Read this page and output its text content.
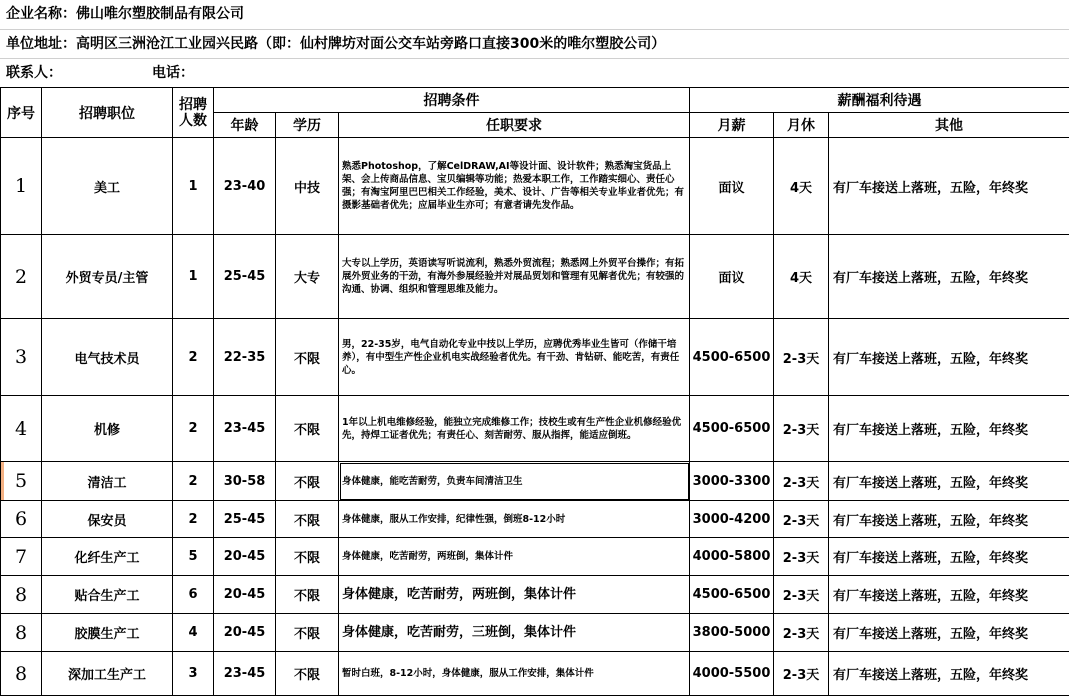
企业名称：佛山唯尔塑胶制品有限公司
单位地址：高明区三洲沧江工业园兴民路（即：仙村牌坊对面公交车站旁路口直接300米的唯尔塑胶公司）
联系人：	电话：
序号	招聘职位	招聘人数	招聘条件			薪酬福利待遇		
			年龄	学历	任职要求	月薪	月休	其他
1	美工	1	23-40	中技	熟悉Photoshop，了解CelDRAW,AI等设计面、设计软件；熟悉淘宝货品上架、会上传商品信息、宝贝编辑等功能；热爱本职工作，工作踏实细心、责任心强；有淘宝阿里巴巴相关工作经验，美术、设计、广告等相关专业毕业者优先；有摄影基础者优先；应届毕业生亦可；有意者请先发作品。	面议	4天	有厂车接送上落班，五险，年终奖
2	外贸专员/主管	1	25-45	大专	大专以上学历，英语读写听说流利，熟悉外贸流程；熟悉网上外贸平台操作；有拓展外贸业务的干劲，有海外参展经验并对展品贸划和管理有见解者优先；有较强的沟通、协调、组织和管理思维及能力。	面议	4天	有厂车接送上落班，五险，年终奖
3	电气技术员	2	22-35	不限	男，22-35岁，电气自动化专业中技以上学历，应聘优秀毕业生皆可（作储干培养），有中型生产性企业机电实战经验者优先。有干劲、肯钻研、能吃苦，有责任心。	4500-6500	2-3天	有厂车接送上落班，五险，年终奖
4	机修	2	23-45	不限	1年以上机电维修经验，能独立完成维修工作；技校生或有生产性企业机修经验优先，持焊工证者优先；有责任心、刻苦耐劳、服从指挥，能适应倒班。	4500-6500	2-3天	有厂车接送上落班，五险，年终奖
5	清洁工	2	30-58	不限	身体健康，能吃苦耐劳，负责车间清洁卫生	3000-3300	2-3天	有厂车接送上落班，五险，年终奖
6	保安员	2	25-45	不限	身体健康，服从工作安排，纪律性强，倒班8-12小时	3000-4200	2-3天	有厂车接送上落班，五险，年终奖
7	化纤生产工	5	20-45	不限	身体健康，吃苦耐劳，两班倒，集体计件	4000-5800	2-3天	有厂车接送上落班，五险，年终奖
8	贴合生产工	6	20-45	不限	身体健康，吃苦耐劳，两班倒，集体计件	4500-6500	2-3天	有厂车接送上落班，五险，年终奖
8	胶膜生产工	4	20-45	不限	身体健康，吃苦耐劳，三班倒，集体计件	3800-5000	2-3天	有厂车接送上落班，五险，年终奖
8	深加工生产工	3	23-45	不限	暂时白班，8-12小时，身体健康，服从工作安排，集体计件	4000-5500	2-3天	有厂车接送上落班，五险，年终奖
